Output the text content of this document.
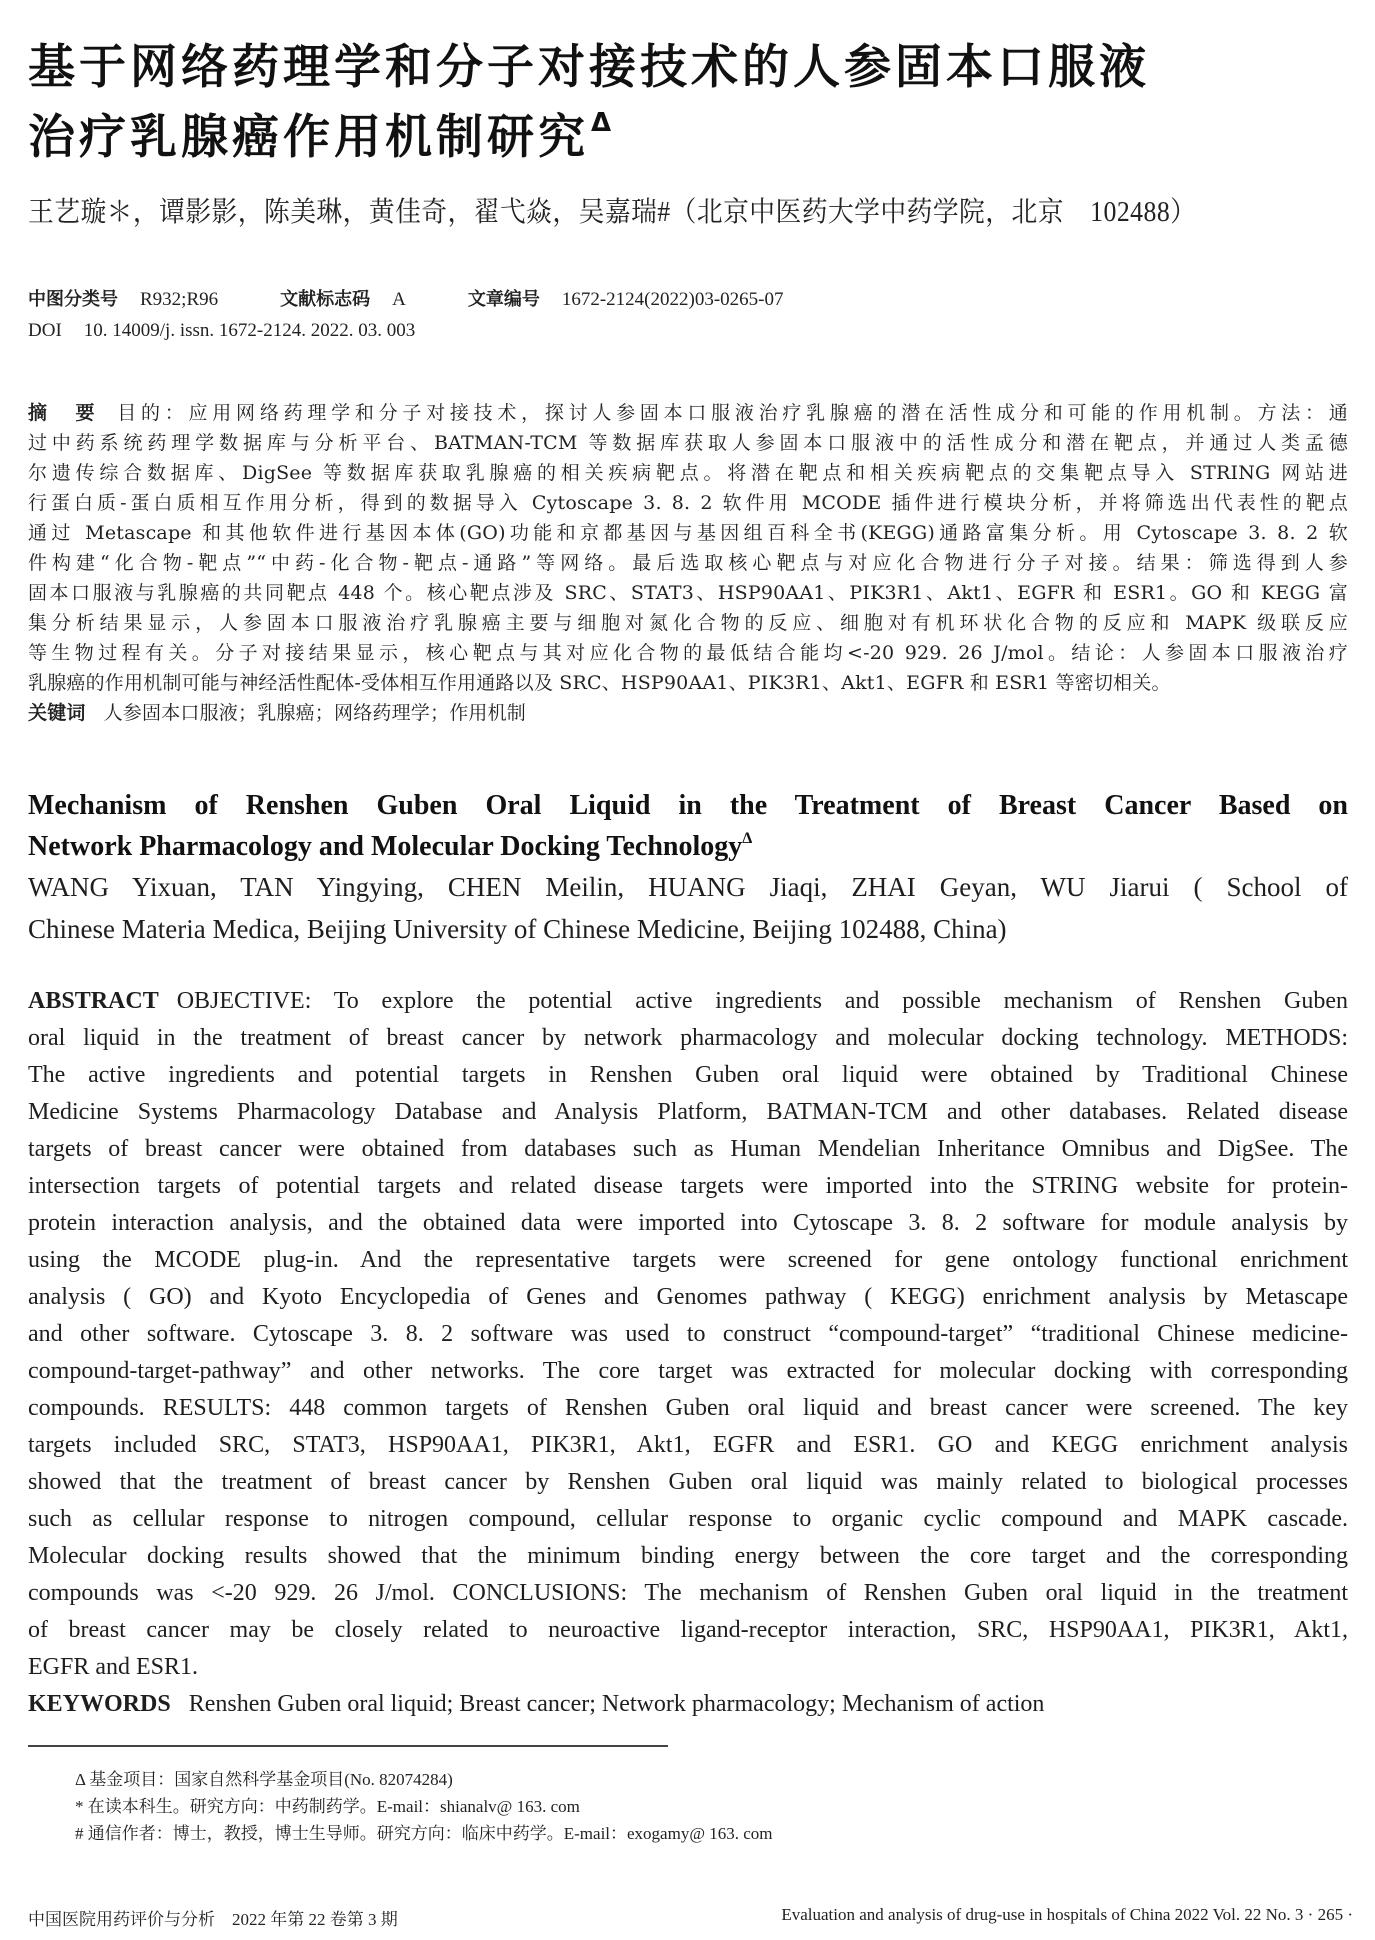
基于网络药理学和分子对接技术的人参固本口服液
治疗乳腺癌作用机制研究$^\Delta$
王艺璇＊，谭影影，陈美琳，黄佳奇，翟弋焱，吴嘉瑞#（北京中医药大学中药学院，北京　102488）
中图分类号 R932;R96	文献标志码 A	文章编号 1672-2124(2022)03-0265-07
DOI 10. 14009/j. issn. 1672-2124. 2022. 03. 003
摘　要 目的：应用网络药理学和分子对接技术，探讨人参固本口服液治疗乳腺癌的潜在活性成分和可能的作用机制。方法：通
过中药系统药理学数据库与分析平台、BATMAN-TCM 等数据库获取人参固本口服液中的活性成分和潜在靶点，并通过人类孟德
尔遗传综合数据库、DigSee 等数据库获取乳腺癌的相关疾病靶点。将潜在靶点和相关疾病靶点的交集靶点导入 STRING 网站进
行蛋白质-蛋白质相互作用分析，得到的数据导入 Cytoscape 3. 8. 2 软件用 MCODE 插件进行模块分析，并将筛选出代表性的靶点
通过 Metascape 和其他软件进行基因本体(GO)功能和京都基因与基因组百科全书(KEGG)通路富集分析。用 Cytoscape 3. 8. 2 软
件构建“化合物-靶点”“中药-化合物-靶点-通路”等网络。最后选取核心靶点与对应化合物进行分子对接。结果：筛选得到人参
固本口服液与乳腺癌的共同靶点 448 个。核心靶点涉及 SRC、STAT3、HSP90AA1、PIK3R1、Akt1、EGFR 和 ESR1。GO 和 KEGG 富
集分析结果显示，人参固本口服液治疗乳腺癌主要与细胞对氮化合物的反应、细胞对有机环状化合物的反应和 MAPK 级联反应
等生物过程有关。分子对接结果显示，核心靶点与其对应化合物的最低结合能均<-20 929. 26 J/mol。结论：人参固本口服液治疗
乳腺癌的作用机制可能与神经活性配体-受体相互作用通路以及 SRC、HSP90AA1、PIK3R1、Akt1、EGFR 和 ESR1 等密切相关。
关键词 人参固本口服液；乳腺癌；网络药理学；作用机制
Mechanism of Renshen Guben Oral Liquid in the Treatment of Breast Cancer Based on
Network Pharmacology and Molecular Docking Technology$^\Delta$
WANG Yixuan, TAN Yingying, CHEN Meilin, HUANG Jiaqi, ZHAI Geyan, WU Jiarui ( School of
Chinese Materia Medica, Beijing University of Chinese Medicine, Beijing 102488, China)
ABSTRACT OBJECTIVE: To explore the potential active ingredients and possible mechanism of Renshen Guben
oral liquid in the treatment of breast cancer by network pharmacology and molecular docking technology. METHODS:
The active ingredients and potential targets in Renshen Guben oral liquid were obtained by Traditional Chinese
Medicine Systems Pharmacology Database and Analysis Platform, BATMAN-TCM and other databases. Related disease
targets of breast cancer were obtained from databases such as Human Mendelian Inheritance Omnibus and DigSee. The
intersection targets of potential targets and related disease targets were imported into the STRING website for protein-
protein interaction analysis, and the obtained data were imported into Cytoscape 3. 8. 2 software for module analysis by
using the MCODE plug-in. And the representative targets were screened for gene ontology functional enrichment
analysis ( GO) and Kyoto Encyclopedia of Genes and Genomes pathway ( KEGG) enrichment analysis by Metascape
and other software. Cytoscape 3. 8. 2 software was used to construct “compound-target” “traditional Chinese medicine-
compound-target-pathway” and other networks. The core target was extracted for molecular docking with corresponding
compounds. RESULTS: 448 common targets of Renshen Guben oral liquid and breast cancer were screened. The key
targets included SRC, STAT3, HSP90AA1, PIK3R1, Akt1, EGFR and ESR1. GO and KEGG enrichment analysis
showed that the treatment of breast cancer by Renshen Guben oral liquid was mainly related to biological processes
such as cellular response to nitrogen compound, cellular response to organic cyclic compound and MAPK cascade.
Molecular docking results showed that the minimum binding energy between the core target and the corresponding
compounds was <-20 929. 26 J/mol. CONCLUSIONS: The mechanism of Renshen Guben oral liquid in the treatment
of breast cancer may be closely related to neuroactive ligand-receptor interaction, SRC, HSP90AA1, PIK3R1, Akt1,
EGFR and ESR1.
KEYWORDS Renshen Guben oral liquid; Breast cancer; Network pharmacology; Mechanism of action
Δ 基金项目：国家自然科学基金项目(No. 82074284)
* 在读本科生。研究方向：中药制药学。E-mail：shianalv@ 163. com
# 通信作者：博士，教授，博士生导师。研究方向：临床中药学。E-mail：exogamy@ 163. com
中国医院用药评价与分析　2022 年第 22 卷第 3 期	Evaluation and analysis of drug-use in hospitals of China 2022 Vol. 22 No. 3 · 265 ·
